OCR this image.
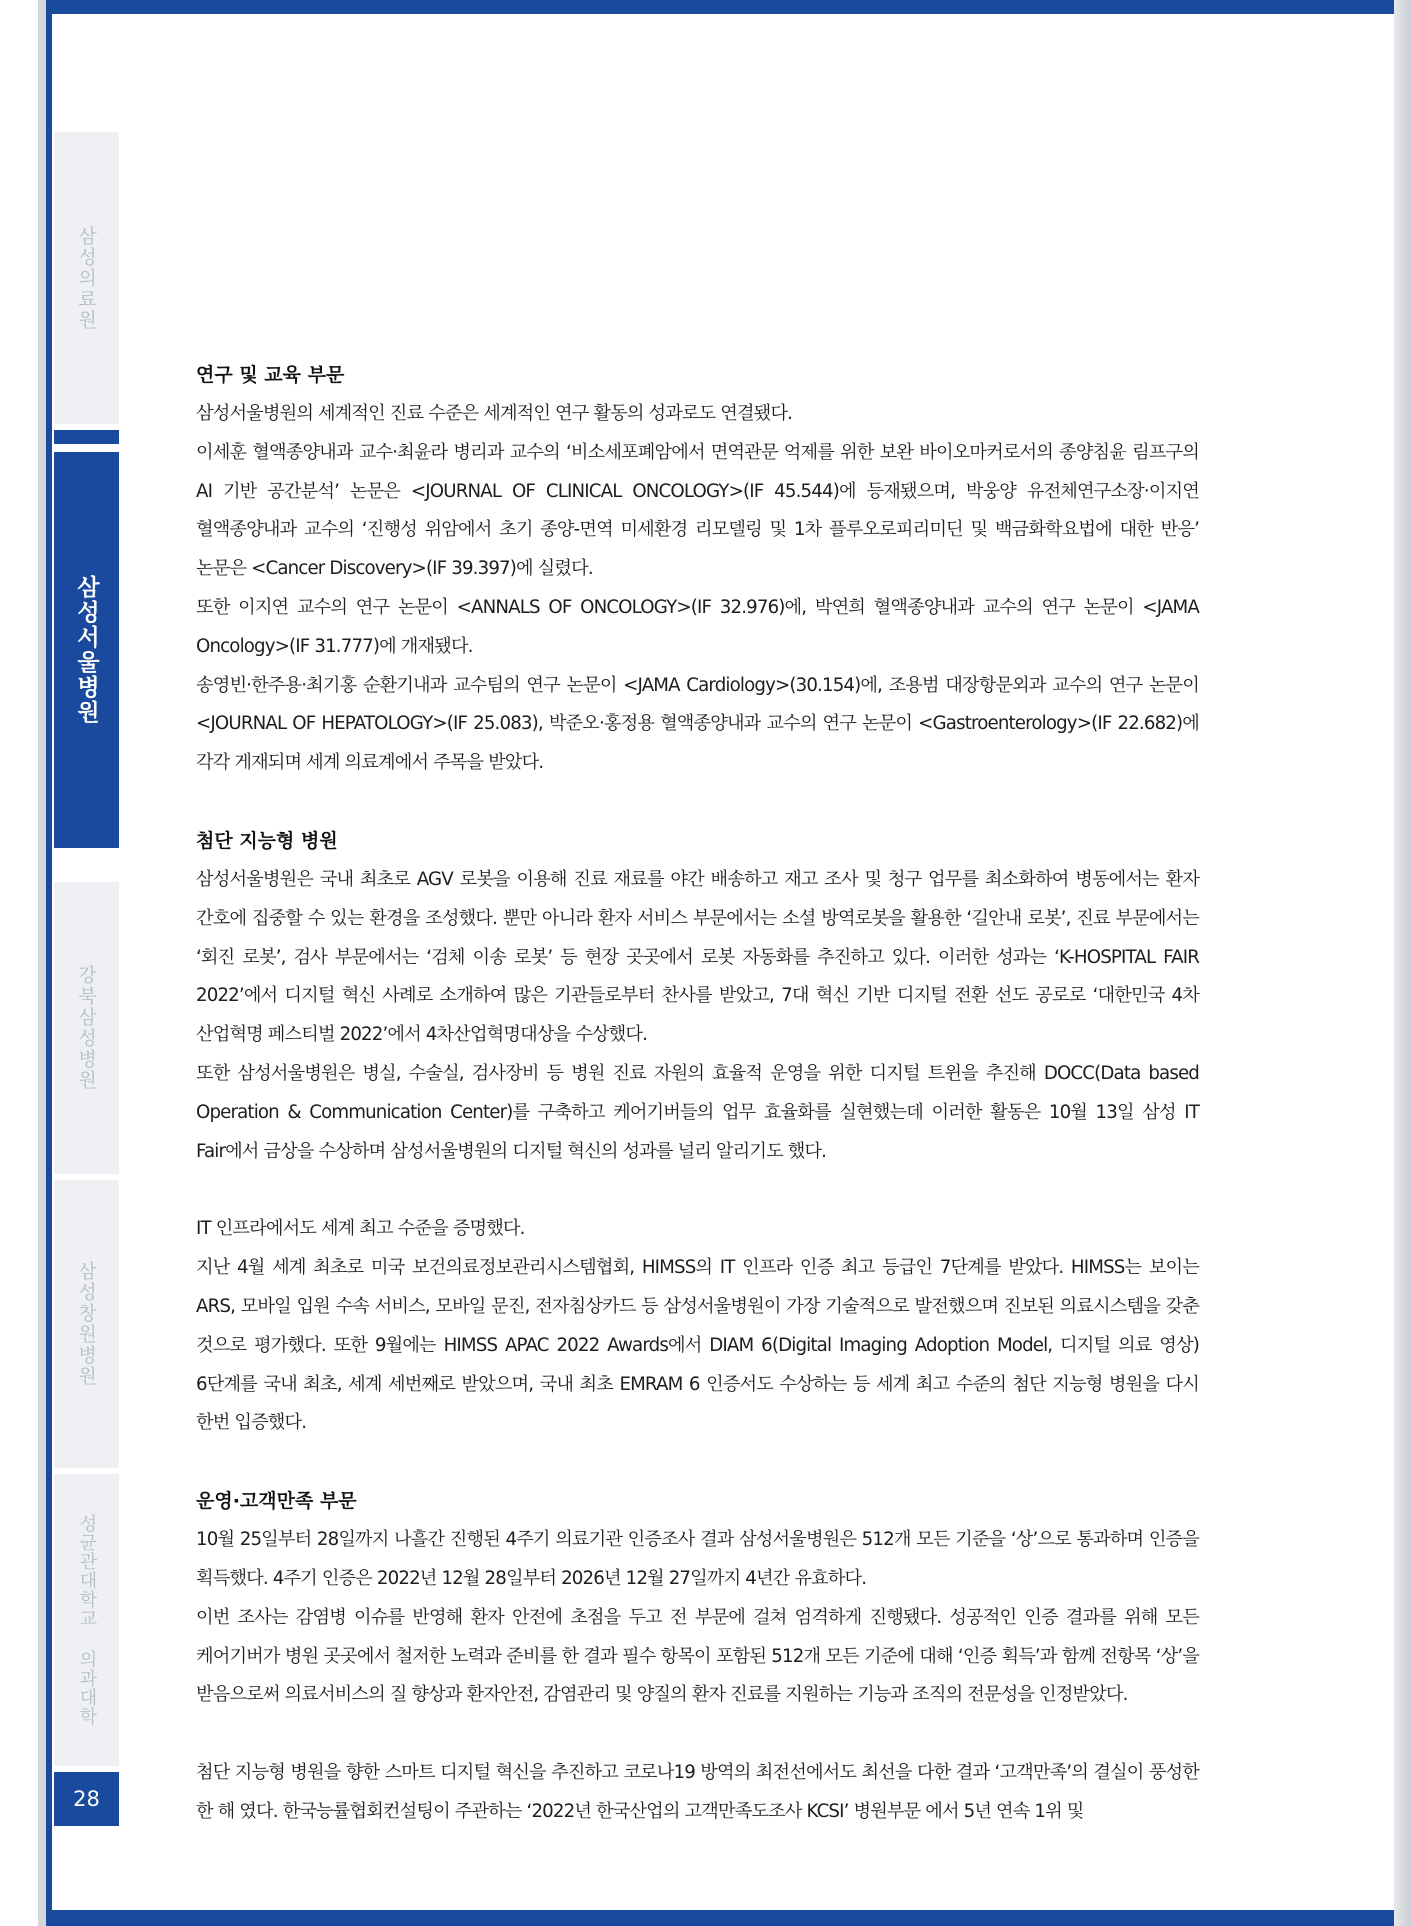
삼성의료원
삼성서울병원
강북삼성병원
삼성창원병원
성균관대학교 의과대학
28
연구 및 교육 부문

삼성서울병원의 세계적인 진료 수준은 세계적인 연구 활동의 성과로도 연결됐다.

이세훈 혈액종양내과 교수·최윤라 병리과 교수의 ‘비소세포폐암에서 면역관문 억제를 위한 보완 바이오마커로서의 종양침윤 림프구의 AI 기반 공간분석’ 논문은 <JOURNAL OF CLINICAL ONCOLOGY>(IF 45.544)에 등재됐으며, 박웅양 유전체연구소장·이지연 혈액종양내과 교수의 ‘진행성 위암에서 초기 종양-면역 미세환경 리모델링 및 1차 플루오로피리미딘 및 백금화학요법에 대한 반응’ 논문은 <Cancer Discovery>(IF 39.397)에 실렸다.

또한 이지연 교수의 연구 논문이 <ANNALS OF ONCOLOGY>(IF 32.976)에, 박연희 혈액종양내과 교수의 연구 논문이 <JAMA Oncology>(IF 31.777)에 개재됐다.

송영빈·한주용·최기홍 순환기내과 교수팀의 연구 논문이 <JAMA Cardiology>(30.154)에, 조용범 대장항문외과 교수의 연구 논문이 <JOURNAL OF HEPATOLOGY>(IF 25.083), 박준오·홍정용 혈액종양내과 교수의 연구 논문이 <Gastroenterology>(IF 22.682)에 각각 게재되며 세계 의료계에서 주목을 받았다.

첨단 지능형 병원

삼성서울병원은 국내 최초로 AGV 로봇을 이용해 진료 재료를 야간 배송하고 재고 조사 및 청구 업무를 최소화하여 병동에서는 환자 간호에 집중할 수 있는 환경을 조성했다. 뿐만 아니라 환자 서비스 부문에서는 소셜 방역로봇을 활용한 ‘길안내 로봇’, 진료 부문에서는 ‘회진 로봇’, 검사 부문에서는 ‘검체 이송 로봇’ 등 현장 곳곳에서 로봇 자동화를 추진하고 있다. 이러한 성과는 ‘K-HOSPITAL FAIR 2022’에서 디지털 혁신 사례로 소개하여 많은 기관들로부터 찬사를 받았고, 7대 혁신 기반 디지털 전환 선도 공로로 ‘대한민국 4차 산업혁명 페스티벌 2022’에서 4차산업혁명대상을 수상했다.

또한 삼성서울병원은 병실, 수술실, 검사장비 등 병원 진료 자원의 효율적 운영을 위한 디지털 트윈을 추진해 DOCC(Data based Operation & Communication Center)를 구축하고 케어기버들의 업무 효율화를 실현했는데 이러한 활동은 10월 13일 삼성 IT Fair에서 금상을 수상하며 삼성서울병원의 디지털 혁신의 성과를 널리 알리기도 했다.

IT 인프라에서도 세계 최고 수준을 증명했다.

지난 4월 세계 최초로 미국 보건의료정보관리시스템협회, HIMSS의 IT 인프라 인증 최고 등급인 7단계를 받았다. HIMSS는 보이는 ARS, 모바일 입원 수속 서비스, 모바일 문진, 전자침상카드 등 삼성서울병원이 가장 기술적으로 발전했으며 진보된 의료시스템을 갖춘 것으로 평가했다. 또한 9월에는 HIMSS APAC 2022 Awards에서 DIAM 6(Digital Imaging Adoption Model, 디지털 의료 영상) 6단계를 국내 최초, 세계 세번째로 받았으며, 국내 최초 EMRAM 6 인증서도 수상하는 등 세계 최고 수준의 첨단 지능형 병원을 다시 한번 입증했다.

운영·고객만족 부문

10월 25일부터 28일까지 나흘간 진행된 4주기 의료기관 인증조사 결과 삼성서울병원은 512개 모든 기준을 ‘상’으로 통과하며 인증을 획득했다. 4주기 인증은 2022년 12월 28일부터 2026년 12월 27일까지 4년간 유효하다.

이번 조사는 감염병 이슈를 반영해 환자 안전에 초점을 두고 전 부문에 걸쳐 엄격하게 진행됐다. 성공적인 인증 결과를 위해 모든 케어기버가 병원 곳곳에서 철저한 노력과 준비를 한 결과 필수 항목이 포함된 512개 모든 기준에 대해 ‘인증 획득’과 함께 전항목 ‘상’을 받음으로써 의료서비스의 질 향상과 환자안전, 감염관리 및 양질의 환자 진료를 지원하는 기능과 조직의 전문성을 인정받았다.

첨단 지능형 병원을 향한 스마트 디지털 혁신을 추진하고 코로나19 방역의 최전선에서도 최선을 다한 결과 ‘고객만족’의 결실이 풍성한 한 해 였다. 한국능률협회컨설팅이 주관하는 ‘2022년 한국산업의 고객만족도조사 KCSI’ 병원부문 에서 5년 연속 1위 및
